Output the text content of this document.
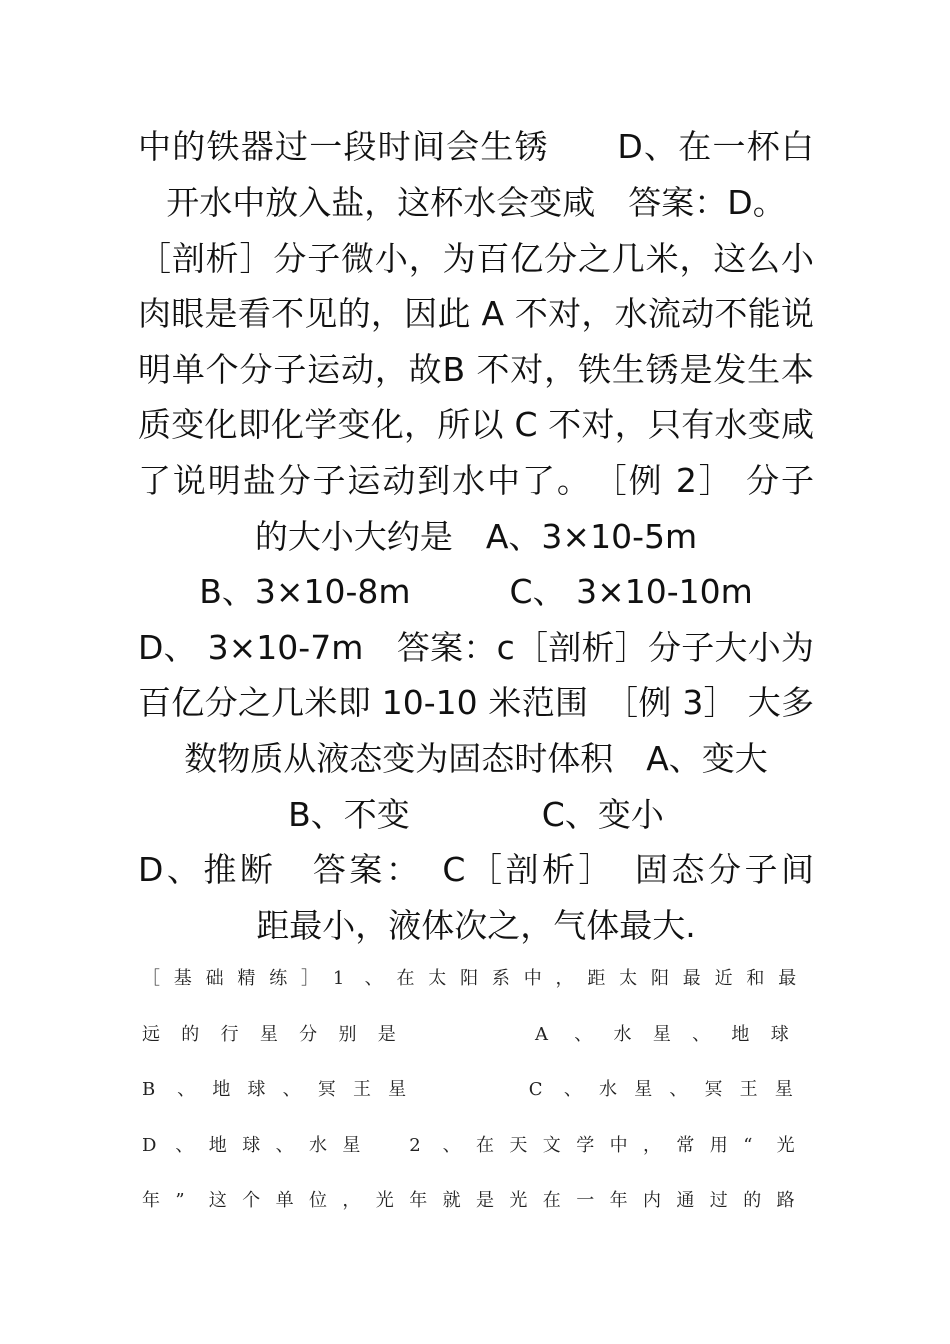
中的铁器过一段时间会生锈　　D、在一杯白
开水中放入盐，这杯水会变咸　答案：D。
［剖析］分子微小，为百亿分之几米，这么小
肉眼是看不见的，因此 A 不对，水流动不能说
明单个分子运动，故B 不对，铁生锈是发生本
质变化即化学变化，所以 C 不对，只有水变咸
了说明盐分子运动到水中了。　［例 2］ 分子
的大小大约是　A、3×10-5m
B、3×10-8m　　　C、 3×10-10m
D、 3×10-7m　答案：c［剖析］分子大小为
百亿分之几米即 10-10 米范围　［例 3］ 大多
数物质从液态变为固态时体积　A、变大
B、不变　　　　C、变小
D、推断　答案：　C［剖析］　固态分子间
距最小，液体次之，气体最大.
［ 基 础 精 练 ］ 1 、 在 太 阳 系 中 ， 距 太 阳 最 近 和 最
远 的 行 星 分 别 是

　	A 、 水 星 、 地 球
B 、 地 球 、 冥 王 星

　	C 、 水 星 、 冥 王 星
D 、 地 球 、 水 星
　	2 、 在 天 文 学 中 ， 常 用 “ 光
年 ” 这 个 单 位 ， 光 年 就 是 光 在 一 年 内 通 过 的 路
